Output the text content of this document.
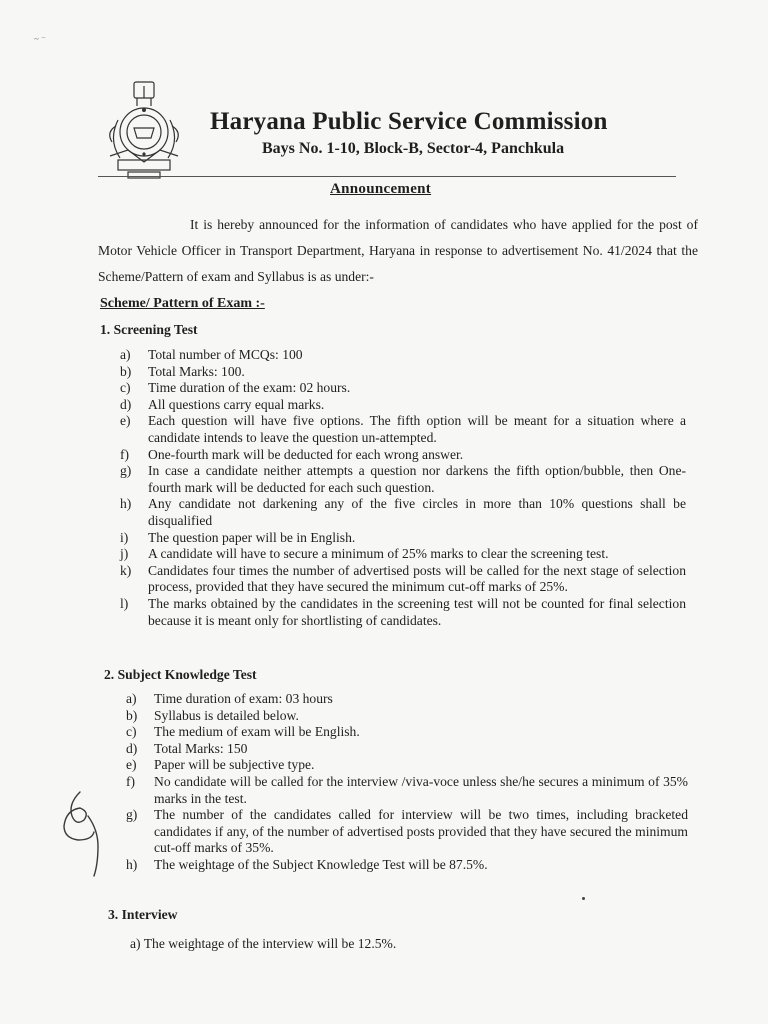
~ ⁻
Haryana Public Service Commission

Bays No. 1-10, Block-B, Sector-4, Panchkula

Announcement

It is hereby announced for the information of candidates who have applied for the post of Motor Vehicle Officer in Transport Department, Haryana in response to advertisement No. 41/2024 that the Scheme/Pattern of exam and Syllabus is as under:-

Scheme/ Pattern of Exam :-
1. Screening Test
a) Total number of MCQs: 100
b) Total Marks: 100.
c) Time duration of the exam: 02 hours.
d) All questions carry equal marks.
e) Each question will have five options. The fifth option will be meant for a situation where a candidate intends to leave the question un-attempted.
f) One-fourth mark will be deducted for each wrong answer.
g) In case a candidate neither attempts a question nor darkens the fifth option/bubble, then One-fourth mark will be deducted for each such question.
h) Any candidate not darkening any of the five circles in more than 10% questions shall be disqualified
i) The question paper will be in English.
j) A candidate will have to secure a minimum of 25% marks to clear the screening test.
k) Candidates four times the number of advertised posts will be called for the next stage of selection process, provided that they have secured the minimum cut-off marks of 25%.
l) The marks obtained by the candidates in the screening test will not be counted for final selection because it is meant only for shortlisting of candidates.
2. Subject Knowledge Test
a) Time duration of exam: 03 hours
b) Syllabus is detailed below.
c) The medium of exam will be English.
d) Total Marks: 150
e) Paper will be subjective type.
f) No candidate will be called for the interview /viva-voce unless she/he secures a minimum of 35% marks in the test.
g) The number of the candidates called for interview will be two times, including bracketed candidates if any, of the number of advertised posts provided that they have secured the minimum cut-off marks of 35%.
h) The weightage of the Subject Knowledge Test will be 87.5%.
3. Interview

a) The weightage of the interview will be 12.5%.
